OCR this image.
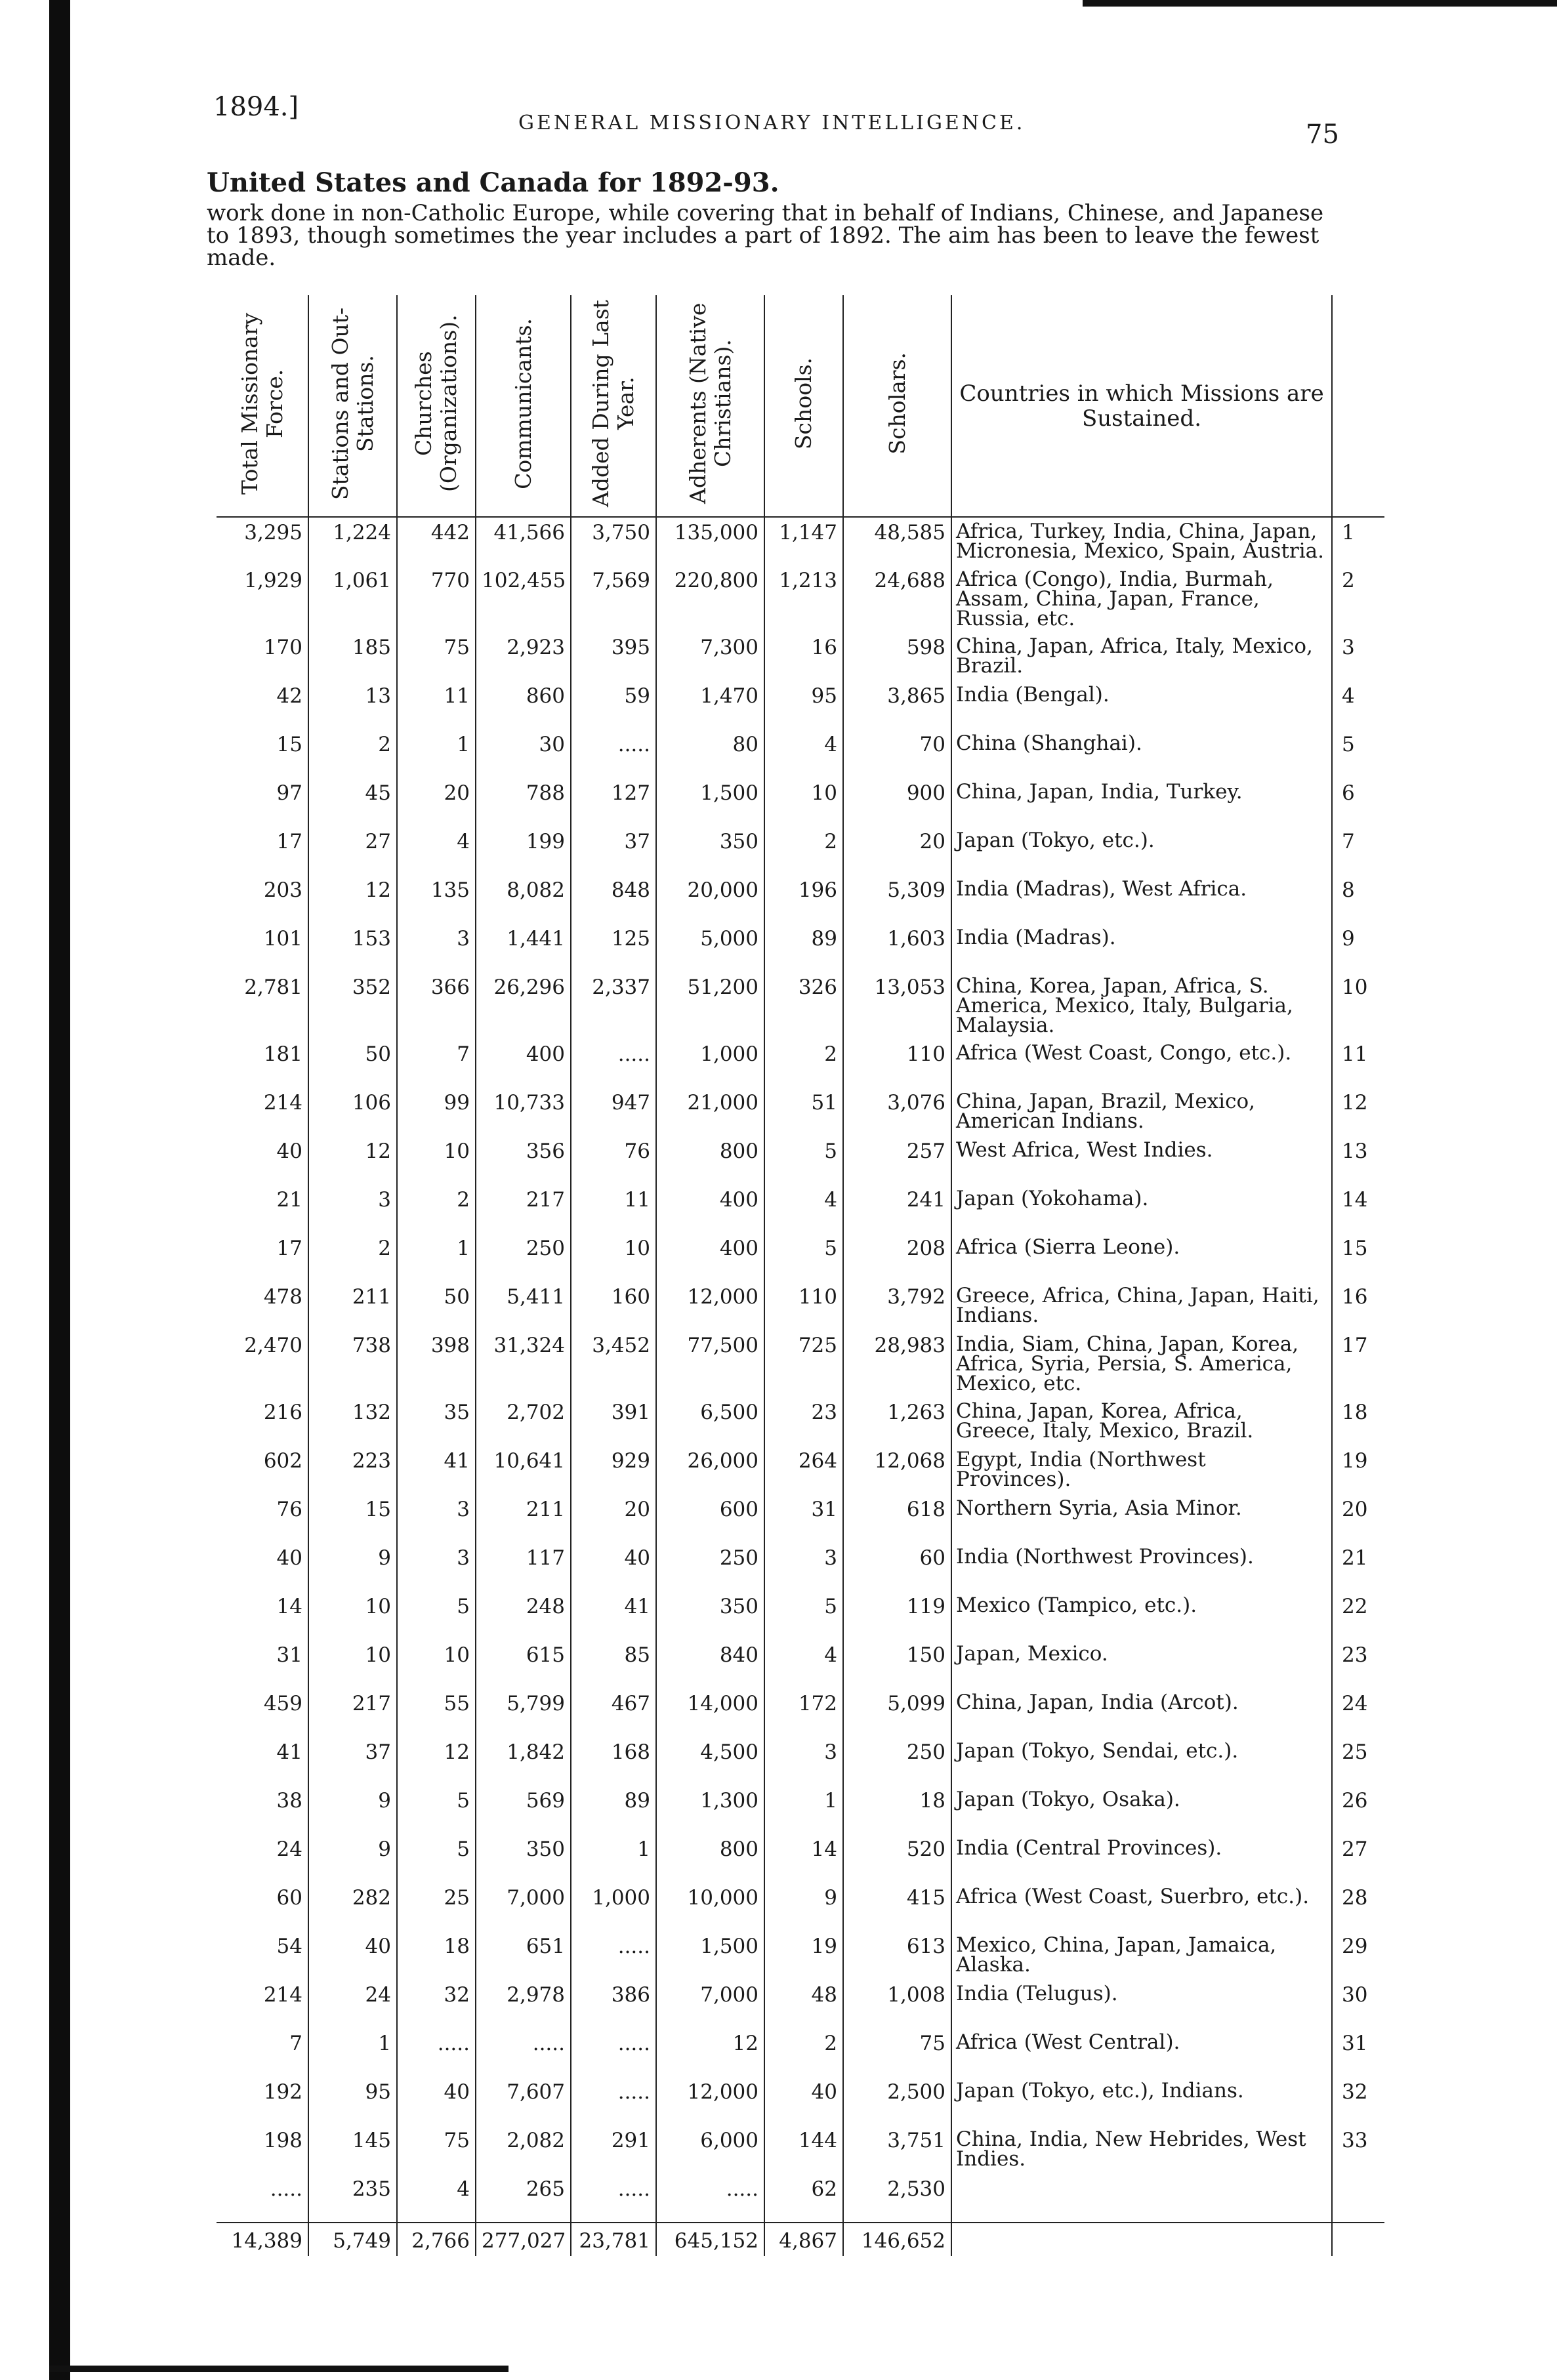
1894.]
GENERAL MISSIONARY INTELLIGENCE.	75
United States and Canada for 1892-93.
work done in non-Catholic Europe, while covering that in behalf of Indians, Chinese, and Japanese
to 1893, though sometimes the year includes a part of 1892. The aim has been to leave the fewest
made.
Total Missionary Force.	Stations and Out-Stations.	Churches (Organizations).	Communicants.	Added During Last Year.	Adherents (Native Christians).	Schools.	Scholars.	Countries in which Missions are Sustained.	
3,295	1,224	442	41,566	3,750	135,000	1,147	48,585	Africa, Turkey, India, China, Japan, Micronesia, Mexico, Spain, Austria.	1
1,929	1,061	770	102,455	7,569	220,800	1,213	24,688	Africa (Congo), India, Burmah, Assam, China, Japan, France, Russia, etc.	2
170	185	75	2,923	395	7,300	16	598	China, Japan, Africa, Italy, Mexico, Brazil.	3
42	13	11	860	59	1,470	95	3,865	India (Bengal).	4
15	2	1	30	.....	80	4	70	China (Shanghai).	5
97	45	20	788	127	1,500	10	900	China, Japan, India, Turkey.	6
17	27	4	199	37	350	2	20	Japan (Tokyo, etc.).	7
203	12	135	8,082	848	20,000	196	5,309	India (Madras), West Africa.	8
101	153	3	1,441	125	5,000	89	1,603	India (Madras).	9
2,781	352	366	26,296	2,337	51,200	326	13,053	China, Korea, Japan, Africa, S. America, Mexico, Italy, Bulgaria, Malaysia.	10
181	50	7	400	.....	1,000	2	110	Africa (West Coast, Congo, etc.).	11
214	106	99	10,733	947	21,000	51	3,076	China, Japan, Brazil, Mexico, American Indians.	12
40	12	10	356	76	800	5	257	West Africa, West Indies.	13
21	3	2	217	11	400	4	241	Japan (Yokohama).	14
17	2	1	250	10	400	5	208	Africa (Sierra Leone).	15
478	211	50	5,411	160	12,000	110	3,792	Greece, Africa, China, Japan, Haiti, Indians.	16
2,470	738	398	31,324	3,452	77,500	725	28,983	India, Siam, China, Japan, Korea, Africa, Syria, Persia, S. America, Mexico, etc.	17
216	132	35	2,702	391	6,500	23	1,263	China, Japan, Korea, Africa, Greece, Italy, Mexico, Brazil.	18
602	223	41	10,641	929	26,000	264	12,068	Egypt, India (Northwest Provinces).	19
76	15	3	211	20	600	31	618	Northern Syria, Asia Minor.	20
40	9	3	117	40	250	3	60	India (Northwest Provinces).	21
14	10	5	248	41	350	5	119	Mexico (Tampico, etc.).	22
31	10	10	615	85	840	4	150	Japan, Mexico.	23
459	217	55	5,799	467	14,000	172	5,099	China, Japan, India (Arcot).	24
41	37	12	1,842	168	4,500	3	250	Japan (Tokyo, Sendai, etc.).	25
38	9	5	569	89	1,300	1	18	Japan (Tokyo, Osaka).	26
24	9	5	350	1	800	14	520	India (Central Provinces).	27
60	282	25	7,000	1,000	10,000	9	415	Africa (West Coast, Suerbro, etc.).	28
54	40	18	651	.....	1,500	19	613	Mexico, China, Japan, Jamaica, Alaska.	29
214	24	32	2,978	386	7,000	48	1,008	India (Telugus).	30
7	1	.....	.....	.....	12	2	75	Africa (West Central).	31
192	95	40	7,607	.....	12,000	40	2,500	Japan (Tokyo, etc.), Indians.	32
198	145	75	2,082	291	6,000	144	3,751	China, India, New Hebrides, West Indies.	33
.....	235	4	265	.....	.....	62	2,530		
14,389	5,749	2,766	277,027	23,781	645,152	4,867	146,652		
